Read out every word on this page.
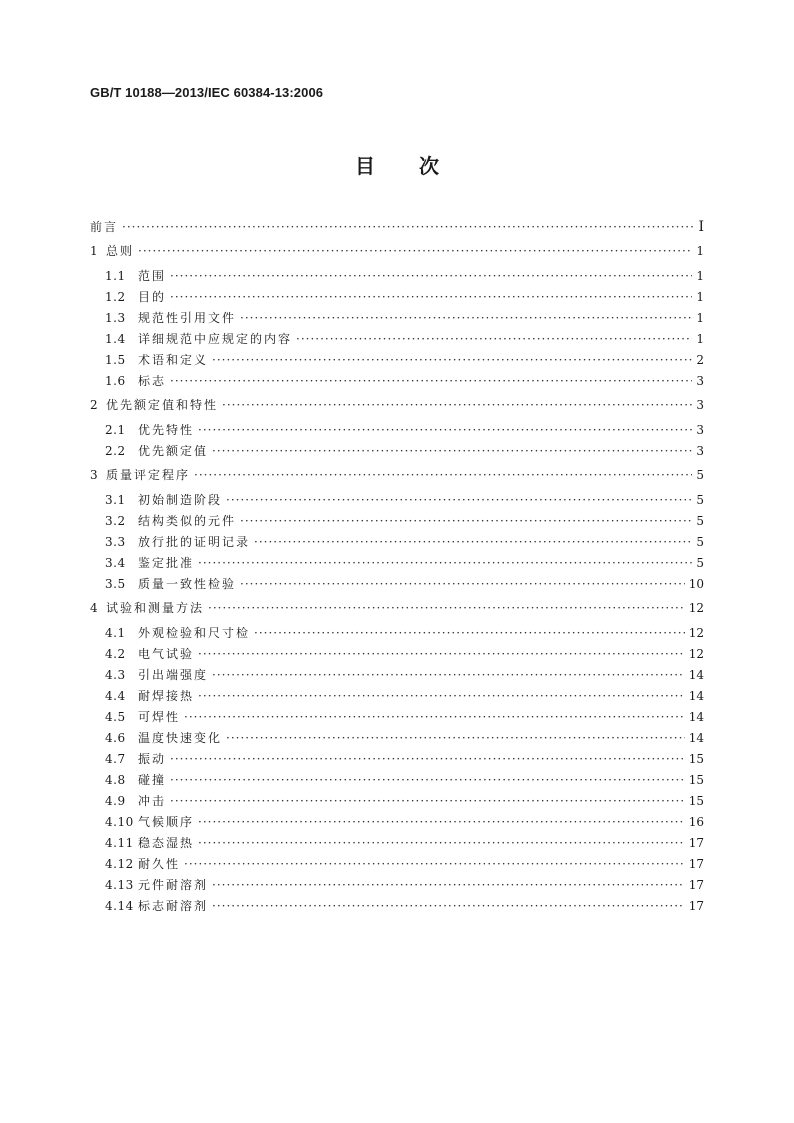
GB/T 10188—2013/IEC 60384-13:2006
目 次
前言 ·····	Ⅰ
1 总则 ·····	1
1.1	范围 ·····	1
1.2	目的 ·····	1
1.3	规范性引用文件 ·····	1
1.4	详细规范中应规定的内容 ·····	1
1.5	术语和定义 ·····	2
1.6	标志 ·····	3
2 优先额定值和特性 ·····	3
2.1	优先特性 ·····	3
2.2	优先额定值 ·····	3
3 质量评定程序 ·····	5
3.1	初始制造阶段 ·····	5
3.2	结构类似的元件 ·····	5
3.3	放行批的证明记录 ·····	5
3.4	鉴定批准 ·····	5
3.5	质量一致性检验 ·····	10
4 试验和测量方法 ·····	12
4.1	外观检验和尺寸检 ·····	12
4.2	电气试验 ·····	12
4.3	引出端强度 ·····	14
4.4	耐焊接热 ·····	14
4.5	可焊性 ·····	14
4.6	温度快速变化 ·····	14
4.7	振动 ·····	15
4.8	碰撞 ·····	15
4.9	冲击 ·····	15
4.10 气候顺序 ·····	16
4.11 稳态湿热 ·····	17
4.12 耐久性 ·····	17
4.13 元件耐溶剂 ·····	17
4.14 标志耐溶剂 ·····	17
